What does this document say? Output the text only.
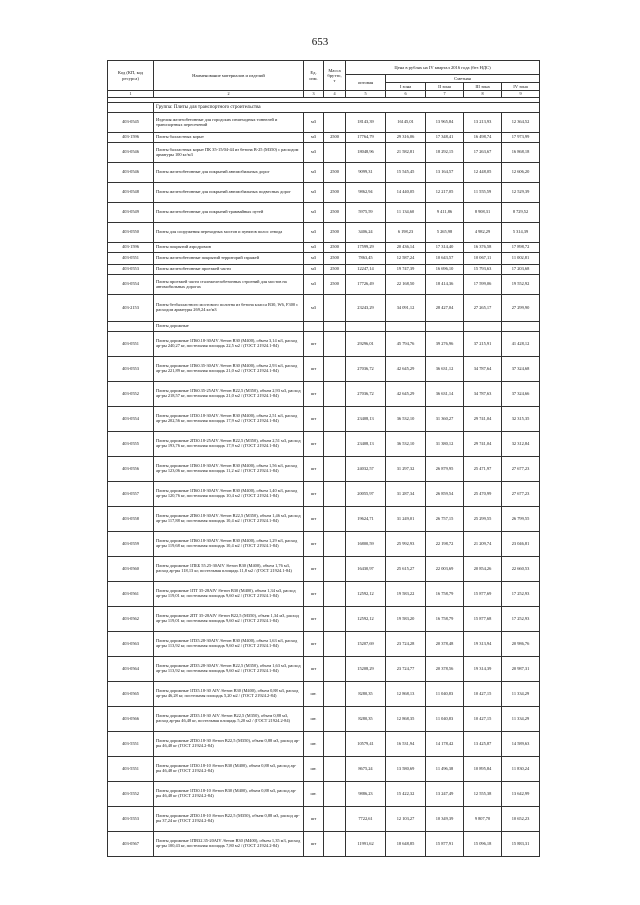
653
Код (КП, код ресурса)	Наименование материалов и изделий	Ед. изм.	Масса брутто, т	Цена в рублях на IV квартал 2016 года (без НДС)				
				оптовая	Сметная			
					I зона	II зона	III зона	IV зона
1	2	3	4	5	6	7	8	9

	Группа: Плиты для транспортного строительства							
403-0545	Изделия железобетонные для городских пешеходных тоннелей и транспортных пересечений	м3		18143,39	16145,01	13 965,84	13 213,93	12 364,52
403-1596	Плиты балластных корыт	м3	2500	17764,79	29 316,06	17 348,41	16 498,74	17 973,99
403-0546	Плиты балластных корыт ПК 35-15/04-44 из бетона В-25 (М350) с расходом арматуры 100 кг/м3	м3		18048,96	21 582,81	18 292,15	17 263,67	16 868,18
403-0546	Плиты железобетонные для покрытий автомобильных дорог	м3	2500	9099,31	15 545,45	13 164,57	12 448,05	12 606,20
403-0548	Плиты железобетонные для покрытий автомобильных подвесных дорог	м3	2500	9862,94	14 440,05	12 217,05	11 555,59	12 529,39
403-0549	Плиты железобетонные для покрытий трамвайных путей	м3	2500	5975,59	11 134,60	9 411,86	8 908,31	8 729,52
403-0550	Плиты для сооружения переходных мостов и пунктов полос отвода	м3	2500	3406,24	6 198,23	5 265,98	4 982,29	5 314,39
403-1596	Плиты покрытий аэродромов	м3	2500	17599,29	20 436,14	17 314,40	16 376,58	17 898,72
403-0551	Плиты железобетонные покрытий территорий гаражей	м3	2500	7863,45	12 587,24	10 643,57	10 067,11	11 002,81
403-0553	Плиты железобетонные проезжей части	м3	2500	12247,14	19 747,39	16 696,10	15 793,63	17 203,68
403-0554	Плиты проезжей части сталежелезобетонных строений для мостов на автомобильных дорогах	м3	2500	17726,49	22 168,50	18 414,36	17 599,06	19 552,92
403-2153	Плиты безбалластного мостового полотна из бетона класса В30, W6, F300 с расходом арматуры 269,24 кг/м3	м3		23243,29	34 091,12	28 427,04	27 265,17	27 299,90
	Плиты дорожные							
403-0551	Плиты дорожные 1П60.18-30АIV /бетон В30 (М400), объем 3,14 м3, расход ар-ры 240,27 кг, постельная площадь 22,5 м2 / (ГОСТ 21924.1-84)	шт		29296,01	45 794,76	39 276,96	37 215,91	41 428,12
403-0553	Плиты дорожные 1П60.35-30АIV /бетон В30 (М400), объем 2,93 м3, расход ар-ры 221,89 кг, постельная площадь 21,0 м2 / (ГОСТ 21924.1-84)	шт		27036,72	42 645,29	36 631,12	34 787,64	37 324,68
403-0552	Плиты дорожные 1П60.35-25АIV /бетон В22,5 (М350), объем 2,93 м3, расход ар-ры 218,57 кг, постельная площадь 21,0 м2 / (ГОСТ 21924.1-84)	шт		27036,72	42 645,29	36 631,14	34 787,63	37 324,66
403-0554	Плиты дорожные 1П30.18-30АIV /бетон В30 (М400), объем 2,51 м3, расход ар-ры 202,56 кг, постельная площадь 17,9 м2 / (ГОСТ 21924.1-84)	шт		23408,13	36 532,10	31 360,27	29 741,04	32 315,35
403-0555	Плиты дорожные 2П30.18-25АIV /бетон В22,5 (М350), объем 2,51 м3, расход ар-ры 193,76 кг, постельная площадь 17,9 м2 / (ГОСТ 21924.1-84)	шт		23408,13	36 532,10	31 380,12	29 741,04	32 312,84
403-0556	Плиты дорожные 1П60.18-30АIV /бетон В30 (М400), объем 1,56 м3, расход ар-ры 123,06 кг, постельная площадь 11,2 м2 / (ГОСТ 21924.1-84)	шт		24032,57	31 297,32	26 879,95	25 471,97	27 677,23
403-0557	Плиты дорожные 1П60.18-30АIV /бетон В30 (М400), объем 1,40 м3, расход ар-ры 120,76 кг, постельная площадь 10,4 м2 / (ГОСТ 21924.1-84)	шт		20055,97	31 287,34	26 859,54	25 470,99	27 677,23
403-0558	Плиты дорожные 2П60.18-30АIV /бетон В22,5 (М350), объем 1,46 м3, расход ар-ры 117,88 кг, постельная площадь 10,4 м2 / (ГОСТ 21924.1-84)	шт		19624,71	31 249,01	26 757,15	25 299,55	26 799,55
403-0559	Плиты дорожные 1П60.18-30АIV /бетон В30 (М400), объем 1,29 м3, расход ар-ры 119,68 кг, постельная площадь 10,4 м2 / (ГОСТ 21924.1-84)	шт		16800,59	25 992,93	22 198,72	21 209,74	23 046,81
403-0560	Плиты дорожные 1ПББ 55.25-30АIV /бетон В30 (М400), объем 1,76 м3, расход ар-ры 118,13 кг, постельная площадь 11,8 м2 / (ГОСТ 21924.1-84)	шт		16430,97	25 615,27	22 003,69	20 854,26	22 660,53
403-0561	Плиты дорожные 1ПТ 35-28АIV /бетон В30 (М400), объем 1,34 м3, расход ар-ры 119,01 кг, постельная площадь 9,60 м2 / (ГОСТ 21924.1-84)	шт		12592,12	19 583,22	16 758,79	15 877,69	17 252,93
403-0562	Плиты дорожные 2ПТ 35-28АIV /бетон В22,5 (М350), объем 1,34 м3, расход ар-ры 119,01 кг, постельная площадь 9,60 м2 / (ГОСТ 21924.1-84)	шт		12592,12	19 583,20	16 758,79	15 877,68	17 252,93
403-0563	Плиты дорожные 1П35.28-30АIV /бетон В30 (М400), объем 1,63 м3, расход ар-ры 113,92 кг, постельная площадь 9,60 м2 / (ГОСТ 21924.1-84)	шт		15207,69	23 724,28	20 378,48	19 313,94	20 986,76
403-0564	Плиты дорожные 2П35.28-30АIV /бетон В22,5 (М350), объем 1,63 м3, расход ар-ры 113,92 кг, постельная площадь 9,60 м2 / (ГОСТ 21924.1-84)	шт		15208,29	23 724,77	20 378,56	19 314,39	20 987,31
403-0565	Плиты дорожные 1П35.18-30 АIV /бетон В30 (М400), объем 0,88 м3, расход ар-ры 46,28 кг, постельная площадь 5,20 м2 / (ГОСТ 21924.2-84)	шт.		8280,35	12 868,13	11 040,83	10 427,15	11 334,29
403-0566	Плиты дорожные 2П35.18-30 АIV /бетон В22,5 (М350), объем 0,88 м3, расход ар-ры 46,48 кг, постельная площадь 5,20 м2 / (ГОСТ 21924.2-84)	шт.		8280,35	12 868,35	11 040,83	10 427,15	11 334,29
403-5551	Плиты дорожные 2П30.18-30 /бетон В22,5 (М350), объем 0,88 м3, расход ар-ры 46,48 кг (ГОСТ 21924.2-84)	шт.		10579,41	16 531,94	14 178,42	13 425,87	14 589,63
403-5551	Плиты дорожные 1П30.18-10 /бетон В30 (М400), объем 0,88 м3, расход ар-ры 46,48 кг (ГОСТ 21924.2-84)	шт.		8675,24	13 580,69	11 496,38	10 895,84	11 830,24
403-5552	Плиты дорожные 1П30.18-10 /бетон В30 (М400), объем 0,88 м3, расход ар-ры 46,48 кг (ГОСТ 21924.2-84)	шт.		9886,23	15 422,32	13 247,49	12 555,38	13 642,99
403-5553	Плиты дорожные 2П30.18-10 /бетон В22,5 (М350), объем 0,88 м3, расход ар-ры 37,24 кг (ГОСТ 21924.2-84)	шт		7722,61	12 103,27	10 349,39	9 807,70	10 652,23
403-0567	Плиты дорожные 1ПВ32.35-20АIV /бетон В30 (М400), объем 1,35 м3, расход ар-ры 100,43 кг, постельная площадь 7,80 м2 / (ГОСТ 21924.2-84)	шт		11991,62	18 648,85	15 877,91	15 096,18	15 883,31
